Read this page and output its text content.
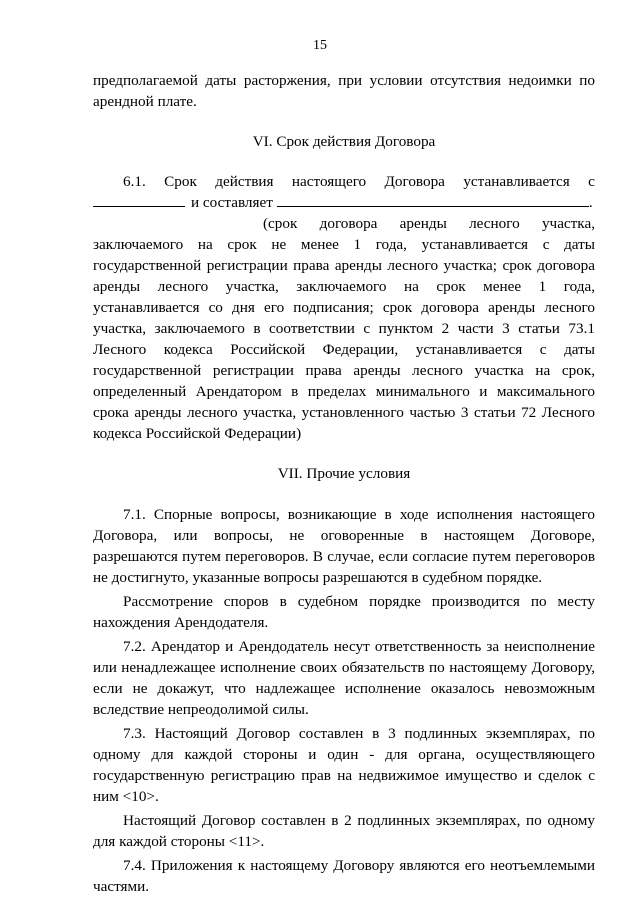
15

предполагаемой даты расторжения, при условии отсутствия недоимки по арендной плате.

VI. Срок действия Договора
6.1. Срок действия настоящего Договора устанавливается с
и составляет	.
(срок договора аренды лесного участка,

заключаемого на срок не менее 1 года, устанавливается с даты государственной регистрации права аренды лесного участка; срок договора аренды лесного участка, заключаемого на срок менее 1 года, устанавливается со дня его подписания; срок договора аренды лесного участка, заключаемого в соответствии с пунктом 2 части 3 статьи 73.1 Лесного кодекса Российской Федерации, устанавливается с даты государственной регистрации права аренды лесного участка на срок, определенный Арендатором в пределах минимального и максимального срока аренды лесного участка, установленного частью 3 статьи 72 Лесного кодекса Российской Федерации)

VII. Прочие условия

7.1. Спорные вопросы, возникающие в ходе исполнения настоящего Договора, или вопросы, не оговоренные в настоящем Договоре, разрешаются путем переговоров. В случае, если согласие путем переговоров не достигнуто, указанные вопросы разрешаются в судебном порядке.

Рассмотрение споров в судебном порядке производится по месту нахождения Арендодателя.

7.2. Арендатор и Арендодатель несут ответственность за неисполнение или ненадлежащее исполнение своих обязательств по настоящему Договору, если не докажут, что надлежащее исполнение оказалось невозможным вследствие непреодолимой силы.

7.3. Настоящий Договор составлен в 3 подлинных экземплярах, по одному для каждой стороны и один - для органа, осуществляющего государственную регистрацию прав на недвижимое имущество и сделок с ним <10>.

Настоящий Договор составлен в 2 подлинных экземплярах, по одному для каждой стороны <11>.

7.4. Приложения к настоящему Договору являются его неотъемлемыми частями.
